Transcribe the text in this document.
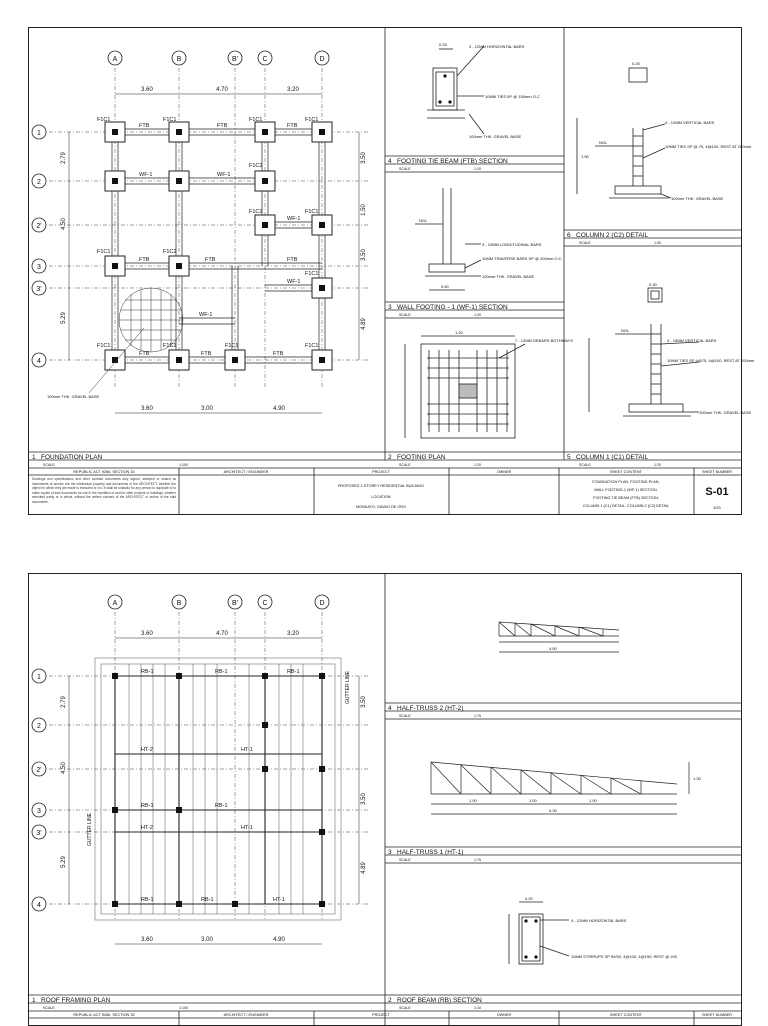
A	B	B'	C	D
1
2
2'
3
3'
4
3.60	4.70	3.20
3.60	3.00	4.90
2.79
4.50
5.29
3.50
1.50
3.50
4.89
F1C1	F1C1	F1C1	F1C1
F1C2
F1C2	F1C1
F1C1	F1C2
F1C1
F1C1	F1C1	F1C1	F1C1
FTB	FTB	FTB
WF-1	WF-1
WF-1
FTB	FTB	FTB
WF-1
WF-1
FTB	FTB	FTB
100mm THK. GRAVEL BASE
3 - 12MM HORIZONTAL BARS
10MM TIES 5P @ 150mm O.C.
100mm THK. GRAVEL BASE
3 - 10MM LONGITUDINAL BARS
10MM TRAVERSE BARS SP @ 200mm O.C.
100mm THK. GRAVEL BASE
7 - 12MM DEBARS BOTHWAYS
4 - 12MM VERTICAL BARS
10MM TIES SP @ 75, 4@100, REST AT 200mm
100mm THK. GRAVEL BASE
4 - 16MM VERTICAL BARS
10MM TIES SP 4@75, 4@100, REST AT 200mm
100mm THK. GRAVEL BASE
NGL
NGL
NGL
0.25
1.20
0.60
0.25
0.30
1.50
1 FOUNDATION PLAN	2 FOOTING PLAN
3 WALL FOOTING - 1 (WF-1) SECTION
4 FOOTING TIE BEAM (FTB) SECTION
5 COLUMN 1 (C1) DETAIL
6 COLUMN 2 (C2) DETAIL
SCALE	1:100	SCALE	1:20
SCALE	1:20
SCALE	1:10
SCALE	1:20
SCALE	1:20
REPUBLIC ACT 9266, SECTION 33	ARCHITECT / ENGINEER	PROJECT	OWNER	SHEET CONTENT	SHEET NUMBER
PROPOSED 1-STOREY RESIDENTIAL BUILDING
LOCATION
MONKAYO, DAVAO DE ORO
FOUNDATION PLAN, FOOTING PLAN,
WALL FOOTING-1 (WF-1) SECTION,
FOOTING TIE BEAM (FTB) SECTION,
COLUMN 1 (C1) DETAIL, COLUMN 2 (C2) DETAIL	3/20
S-01
Drawings and specifications and other contract documents duly signed, stamped or sealed as instruments of service are the intellectual property and documents of the ARCHITECT, whether the object for which they are made is executed or not. It shall be unlawful for any person to duplicate or to make copies of said documents for use in the repetition of and for other projects or buildings, whether executed partly or in whole, without the written consent of the ARCHITECT or author of the said documents.
A	B	B'	C	D
1
2
2'
3
3'
4
3.60	4.70	3.20
3.60	3.00	4.90
2.79
4.50
5.29
3.50
3.50
4.89
RB-1	RB-1	RB-1
HT-2	HT-1
RB-1	RB-1
HT-2	HT-1
RB-1	RB-1	HT-1
GUTTER LINE
GUTTER LINE
4.50
9.30
1.00	1.00	1.00
1.30
0.20
4 - 12MM HORIZONTAL BARS
10MM STIRRUPS SP 50/50, 4@100, 4@150, REST @ 200
1 ROOF FRAMING PLAN	2 ROOF BEAM (RB) SECTION
3 HALF-TRUSS 1 (HT-1)
4 HALF-TRUSS 2 (HT-2)
SCALE	1:100	SCALE	1:10
SCALE	1:75
SCALE	1:75
REPUBLIC ACT 9266, SECTION 33	ARCHITECT / ENGINEER	PROJECT	OWNER	SHEET CONTENT	SHEET NUMBER
